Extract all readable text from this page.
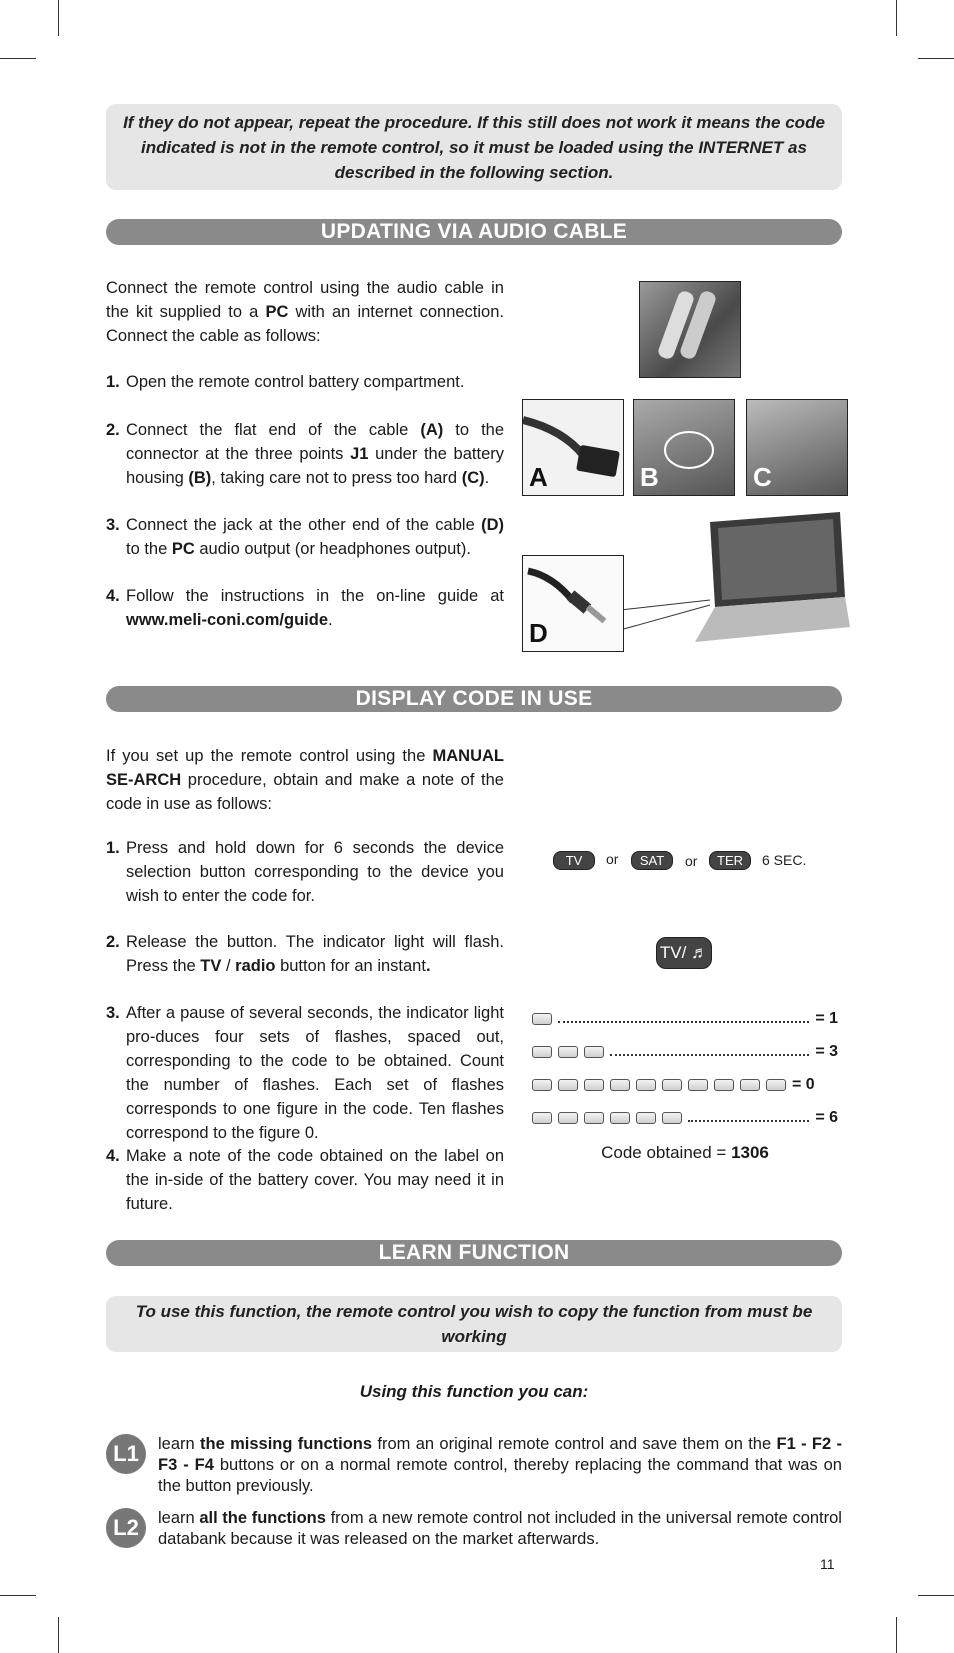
If they do not appear, repeat the procedure. If this still does not work it means the code indicated is not in the remote control, so it must be loaded using the INTERNET as described in the following section.

UPDATING VIA AUDIO CABLE

Connect the remote control using the audio cable in the kit supplied to a PC with an internet connection. Connect the cable as follows:

1. Open the remote control battery compartment.
2. Connect the flat end of the cable (A) to the connector at the three points J1 under the battery housing (B), taking care not to press too hard (C).
3. Connect the jack at the other end of the cable (D) to the PC audio output (or headphones output).
4. Follow the instructions in the on-line guide at www.meli-coni.com/guide.
A	B	C
D
DISPLAY CODE IN USE

If you set up the remote control using the MANUAL SE-ARCH procedure, obtain and make a note of the code in use as follows:

1. Press and hold down for 6 seconds the device selection button corresponding to the device you wish to enter the code for.
2. Release the button. The indicator light will flash. Press the TV / radio button for an instant.
3. After a pause of several seconds, the indicator light pro-duces four sets of flashes, spaced out, corresponding to the code to be obtained. Count the number of flashes. Each set of flashes corresponds to one figure in the code. Ten flashes correspond to the figure 0.
4. Make a note of the code obtained on the label on the in-side of the battery cover. You may need it in future.
TV	or	SAT	or	TER	6 SEC.
TV/ ♬
= 1
= 3
= 0
= 6
Code obtained = 1306
LEARN FUNCTION

To use this function, the remote control you wish to copy the function from must be working

Using this function you can:
L1	learn the missing functions from an original remote control and save them on the F1 - F2 - F3 - F4 buttons or on a normal remote control, thereby replacing the command that was on the button previously.
L2	learn all the functions from a new remote control not included in the universal remote control databank because it was released on the market afterwards.
11
